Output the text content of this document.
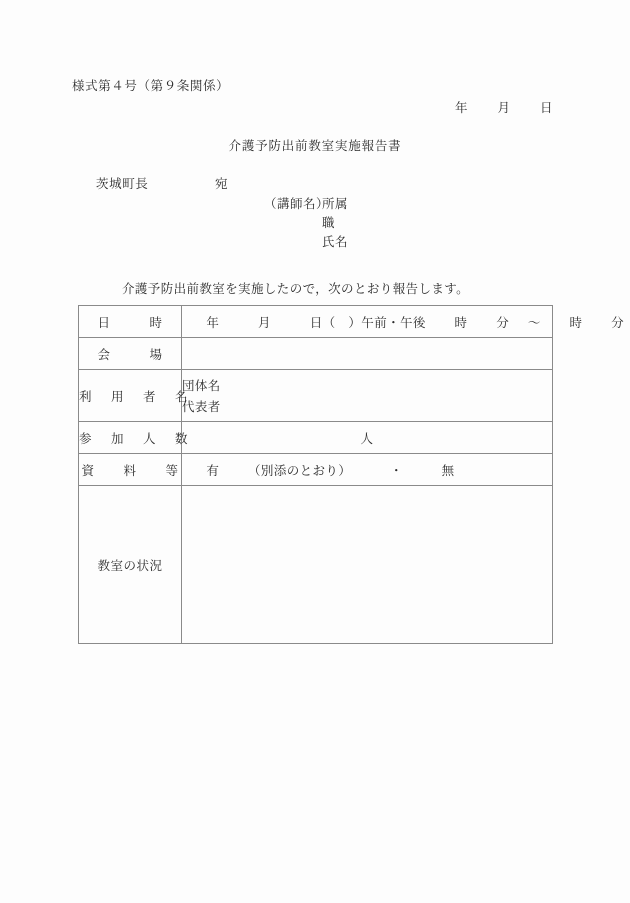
様式第４号（第９条関係）
年 月 日
介護予防出前教室実施報告書
茨城町長	宛
（講師名）
所属
職
氏名
介護予防出前教室を実施したので，次のとおり報告します。
日 時	年 月 日（　）午前・午後 時 分 ～ 時 分
会 場	
利 用 者 名	団体名
代表者

参 加 人 数	人
資 料 等	有 （別添のとおり） ・ 無
教室の状況	
